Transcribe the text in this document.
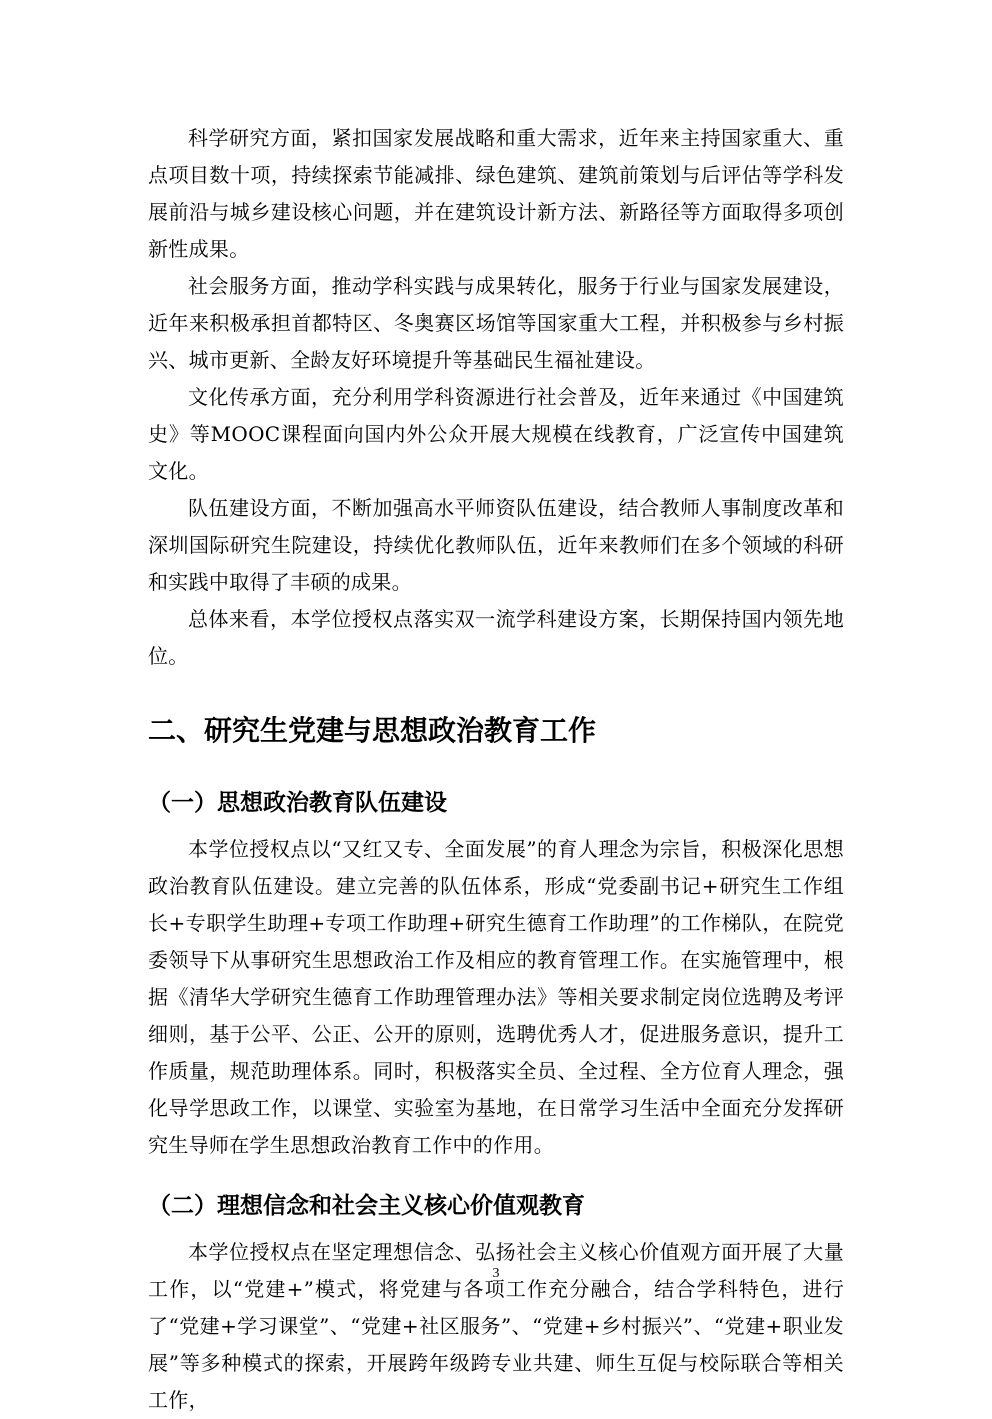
科学研究方面，紧扣国家发展战略和重大需求，近年来主持国家重大、重点项目数十项，持续探索节能减排、绿色建筑、建筑前策划与后评估等学科发展前沿与城乡建设核心问题，并在建筑设计新方法、新路径等方面取得多项创新性成果。

社会服务方面，推动学科实践与成果转化，服务于行业与国家发展建设，近年来积极承担首都特区、冬奥赛区场馆等国家重大工程，并积极参与乡村振兴、城市更新、全龄友好环境提升等基础民生福祉建设。

文化传承方面，充分利用学科资源进行社会普及，近年来通过《中国建筑史》等MOOC课程面向国内外公众开展大规模在线教育，广泛宣传中国建筑文化。

队伍建设方面，不断加强高水平师资队伍建设，结合教师人事制度改革和深圳国际研究生院建设，持续优化教师队伍，近年来教师们在多个领域的科研和实践中取得了丰硕的成果。

总体来看，本学位授权点落实双一流学科建设方案，长期保持国内领先地位。

二、研究生党建与思想政治教育工作
（一）思想政治教育队伍建设

本学位授权点以“又红又专、全面发展”的育人理念为宗旨，积极深化思想政治教育队伍建设。建立完善的队伍体系，形成“党委副书记+研究生工作组长+专职学生助理+专项工作助理+研究生德育工作助理”的工作梯队，在院党委领导下从事研究生思想政治工作及相应的教育管理工作。在实施管理中，根据《清华大学研究生德育工作助理管理办法》等相关要求制定岗位选聘及考评细则，基于公平、公正、公开的原则，选聘优秀人才，促进服务意识，提升工作质量，规范助理体系。同时，积极落实全员、全过程、全方位育人理念，强化导学思政工作，以课堂、实验室为基地，在日常学习生活中全面充分发挥研究生导师在学生思想政治教育工作中的作用。

（二）理想信念和社会主义核心价值观教育

本学位授权点在坚定理想信念、弘扬社会主义核心价值观方面开展了大量工作，以“党建+”模式，将党建与各项工作充分融合，结合学科特色，进行了“党建+学习课堂”、“党建+社区服务”、“党建+乡村振兴”、“党建+职业发展”等多种模式的探索，开展跨年级跨专业共建、师生互促与校际联合等相关工作，

3
